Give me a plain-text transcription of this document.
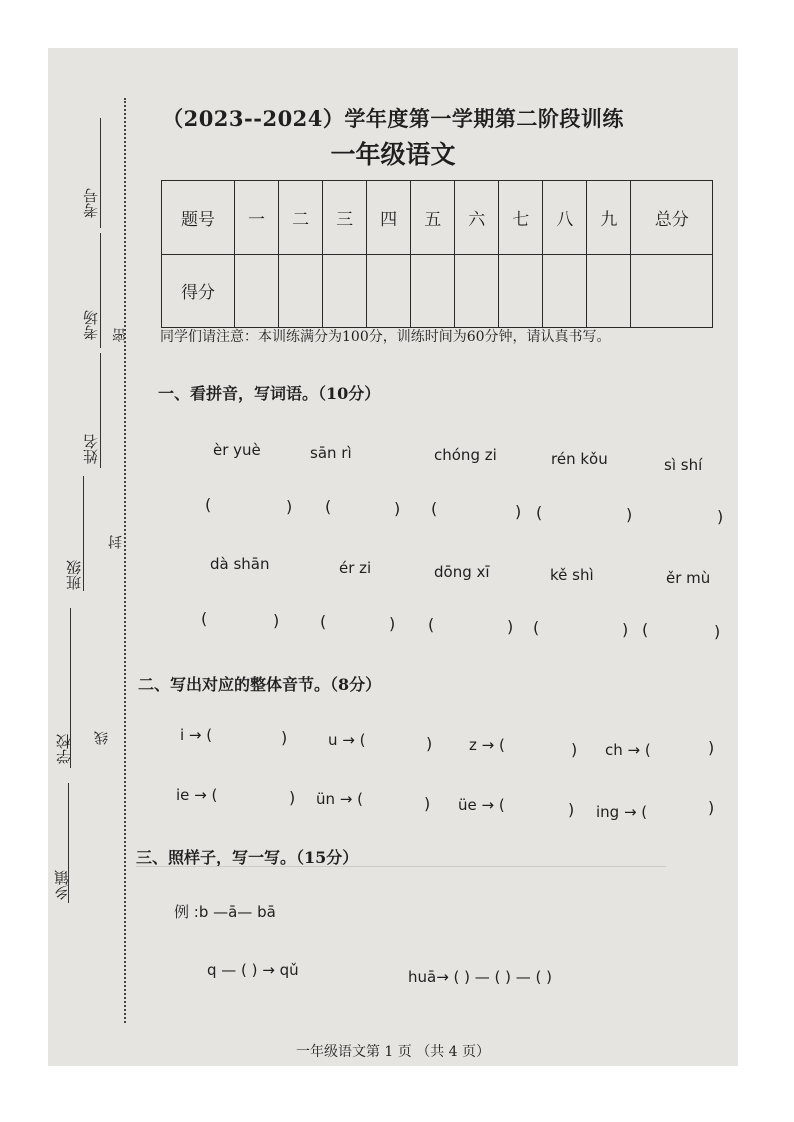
考号
考场
姓名
班级
学校
乡镇
密
封
线
（2023--2024）学年度第一学期第二阶段训练
一年级语文
题号	一	二	三	四	五	六	七	八	九	总分
得分										
同学们请注意：本训练满分为100分，训练时间为60分钟，请认真书写。
一、看拼音，写词语。（10分）
èr yuè	sān rì	chóng zi	rén kǒu	sì shí
(	) (	) (	) (	)	)
dà shān	ér zi	dōng xī	kě shì	ěr mù
(	)	(	) (	) (	) (	)
二、写出对应的整体音节。（8分）
i → (	)	u → (	) z → (	) ch → (	)
ie → (	) ün → (	) üe → (	) ing → (	)
三、照样子，写一写。（15分）
例 :b —ā— bā
q — ( ) → qǔ	huā→ ( ) — ( ) — ( )
一年级语文第 1 页 （共 4 页）
